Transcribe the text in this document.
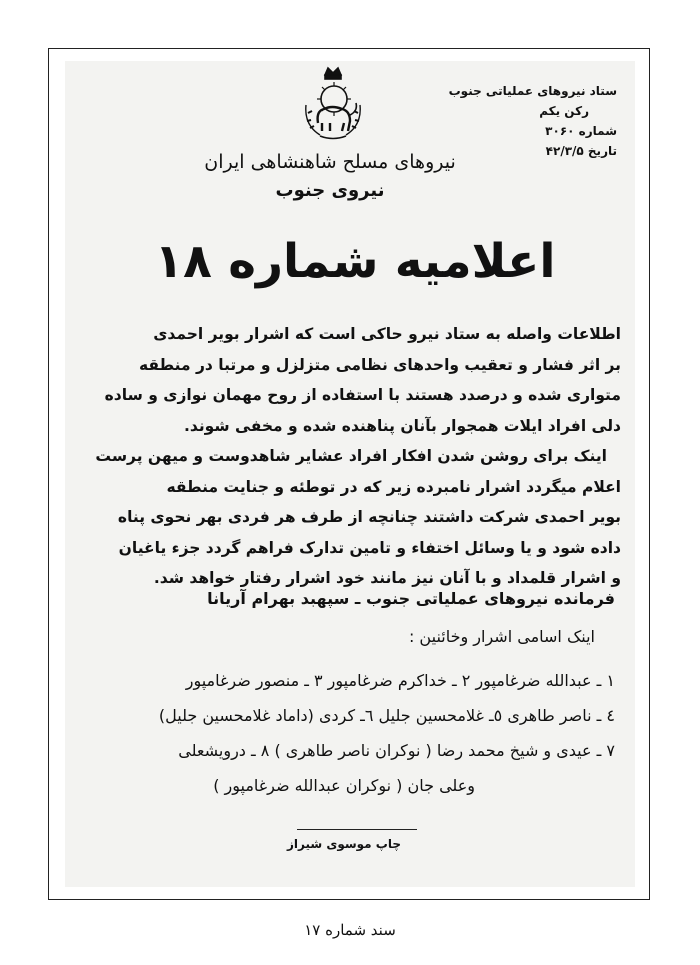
ستاد نیروهای عملیاتی جنوب
رکن یکم
شماره ۳۰۶۰
تاریخ ۴۲/۳/۵
نیروهای مسلح شاهنشاهی ایران
نیروی جنوب
اعلامیه شماره ۱۸

اطلاعات واصله به ستاد نیرو حاکی است که اشرار بویر احمدی

بر اثر فشار و تعقیب واحدهای نظامی متزلزل و مرتبا در منطقه

متواری شده و درصدد هستند با استفاده از روح مهمان نوازی و ساده

دلی افراد ایلات همجوار بآنان پناهنده شده و مخفی شوند.

اینک برای روشن شدن افکار افراد عشایر شاهدوست و میهن پرست

اعلام میگردد اشرار نامبرده زیر که در توطئه و جنایت منطقه

بویر احمدی شرکت داشتند چنانچه از طرف هر فردی بهر نحوی پناه

داده شود و یا وسائل اختفاء و تامین تدارک فراهم گردد جزء یاغیان

و اشرار قلمداد و با آنان نیز مانند خود اشرار رفتار خواهد شد.

فرمانده نیروهای عملیاتی جنوب ـ سپهبد بهرام آریانا
اینک اسامی اشرار وخائنین :
۱ ـ عبدالله ضرغامپور ۲ ـ خداکرم ضرغامپور ۳ ـ منصور ضرغامپور
٤ ـ ناصر طاهری ٥ـ غلامحسین جلیل ٦ـ کردی (داماد غلامحسین جلیل)
۷ ـ عیدی و شیخ محمد رضا ( نوکران ناصر طاهری ) ۸ ـ درویشعلی
وعلی جان ( نوکران عبدالله ضرغامپور )
چاپ موسوی شیراز
سند شماره ۱۷
